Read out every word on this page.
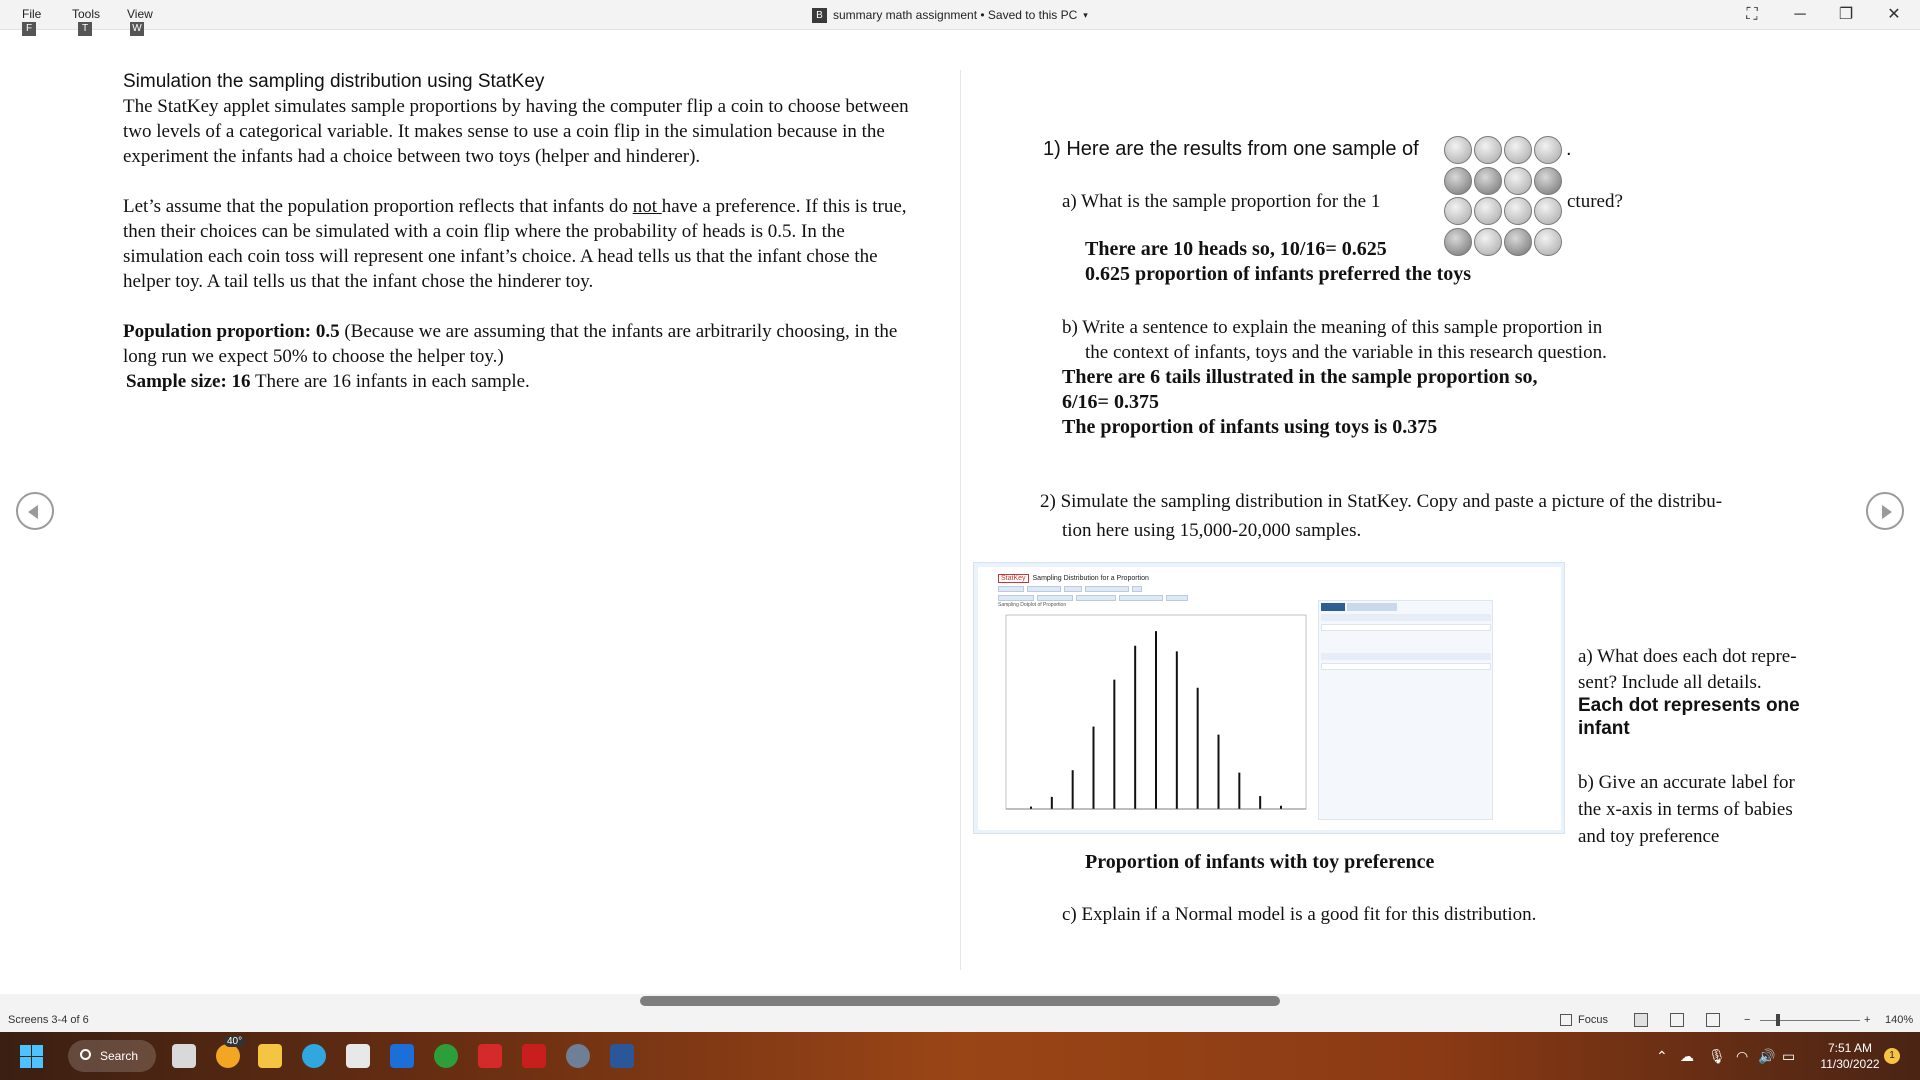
File
F
Tools
T
View
W
B summary math assignment • Saved to this PC ▾	⛶	─	❐	✕
Simulation the sampling distribution using StatKey

The StatKey applet simulates sample proportions by having the computer flip a coin to choose between two levels of a categorical variable. It makes sense to use a coin flip in the simulation because in the experiment the infants had a choice between two toys (helper and hinderer).

Let’s assume that the population proportion reflects that infants do not have a preference. If this is true, then their choices can be simulated with a coin flip where the probability of heads is 0.5. In the simulation each coin toss will represent one infant’s choice. A head tells us that the infant chose the helper toy. A tail tells us that the infant chose the hinderer toy.

Population proportion: 0.5 (Because we are assuming that the infants are arbitrarily choosing, in the long run we expect 50% to choose the helper toy.)

Sample size: 16 There are 16 infants in each sample.

1) Here are the results from one sample of	.
a) What is the sample proportion for the 1	ctured?
There are 10 heads so, 10/16= 0.625
0.625 proportion of infants preferred the toys
b) Write a sentence to explain the meaning of this sample proportion in
the context of infants, toys and the variable in this research question.
There are 6 tails illustrated in the sample proportion so,
6/16= 0.375
The proportion of infants using toys is 0.375
2) Simulate the sampling distribution in StatKey. Copy and paste a picture of the distribu-
tion here using 15,000-20,000 samples.
StatKey Sampling Distribution for a Proportion
Sampling Dotplot of Proportion
a) What does each dot repre-
sent? Include all details.
Each dot represents one
infant
b) Give an accurate label for
the x-axis in terms of babies
and toy preference
Proportion of infants with toy preference
c) Explain if a Normal model is a good fit for this distribution.
Screens 3-4 of 6	Focus	−	+ 140%
Search
40°
⌃ ☁ 🎙 ◠ 🔊 ▭	7:51 AM
11/30/2022
1
